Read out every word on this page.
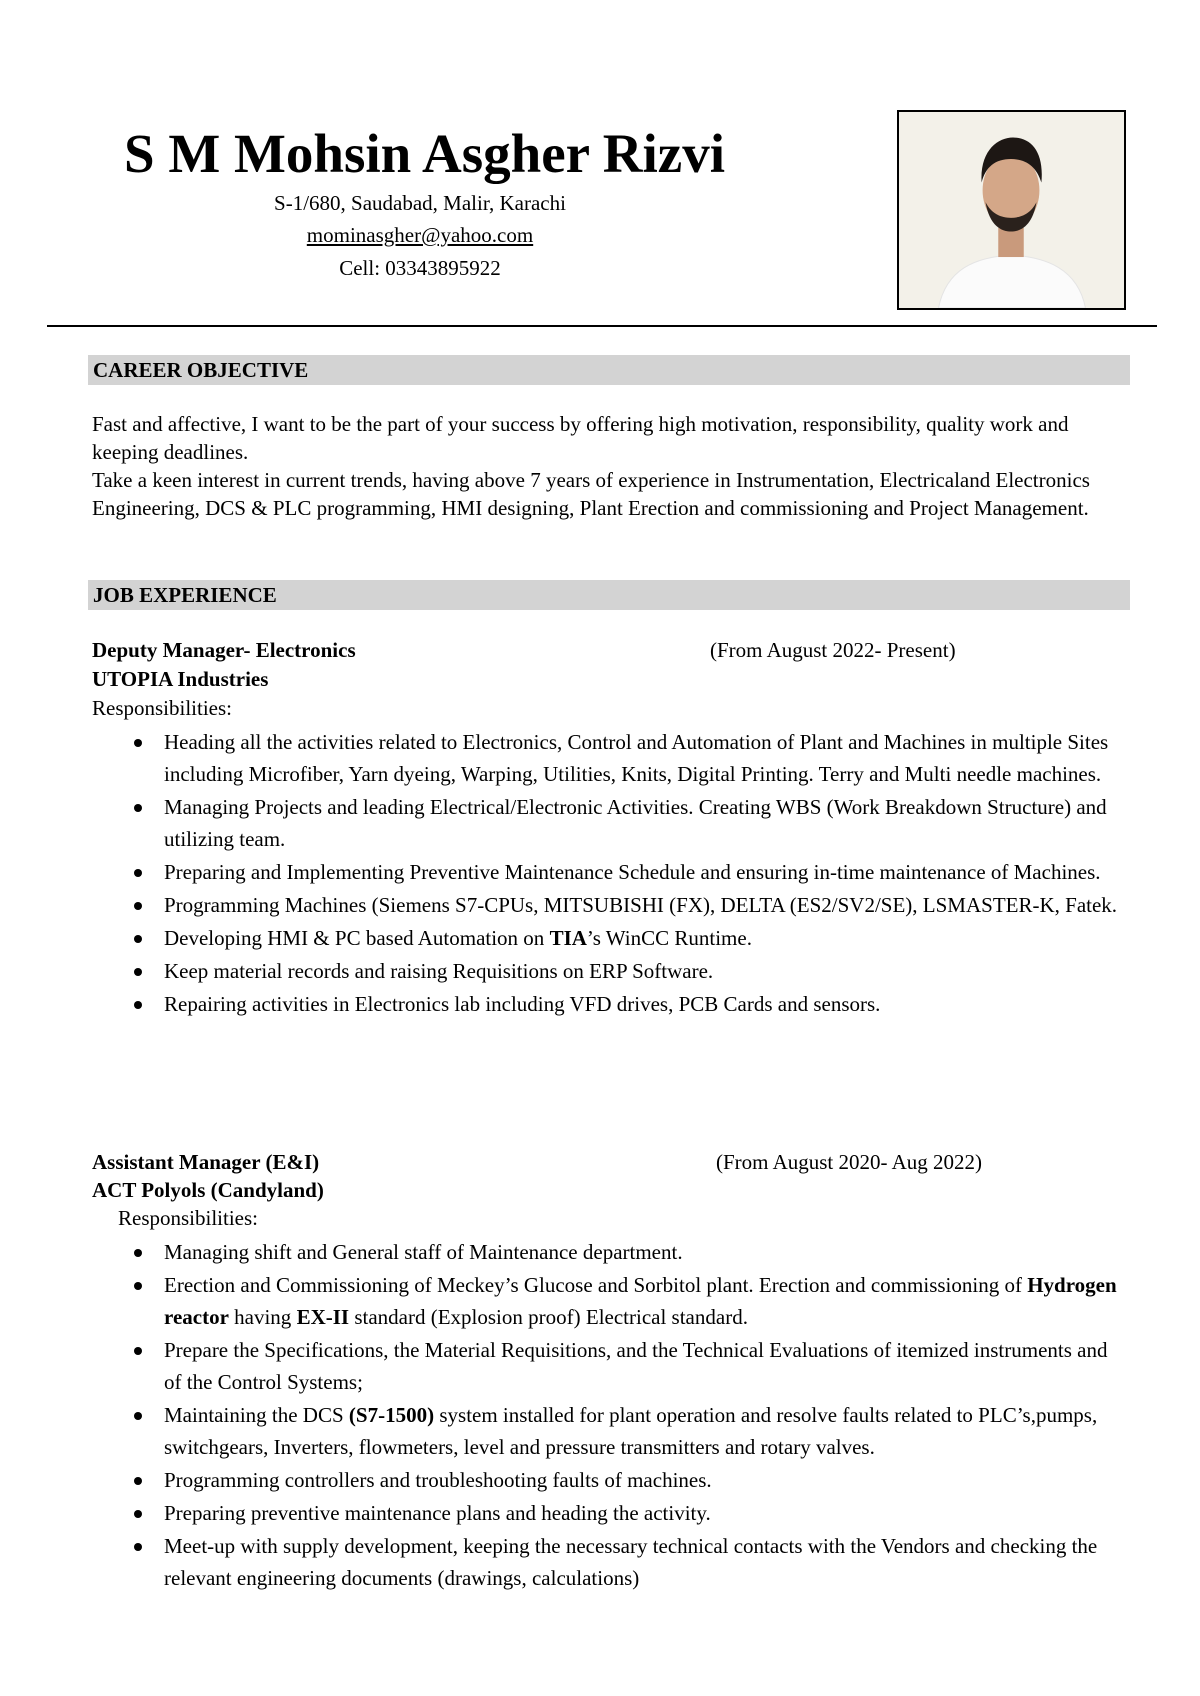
S M Mohsin Asgher Rizvi
S-1/680, Saudabad, Malir, Karachi
mominasgher@yahoo.com
Cell: 03343895922
CAREER OBJECTIVE

Fast and affective, I want to be the part of your success by offering high motivation, responsibility, quality work and keeping deadlines.

Take a keen interest in current trends, having above 7 years of experience in Instrumentation, Electricaland Electronics Engineering, DCS & PLC programming, HMI designing, Plant Erection and commissioning and Project Management.

JOB EXPERIENCE
Deputy Manager- Electronics	(From August 2022- Present)
UTOPIA Industries
Responsibilities:
Heading all the activities related to Electronics, Control and Automation of Plant and Machines in multiple Sites including Microfiber, Yarn dyeing, Warping, Utilities, Knits, Digital Printing. Terry and Multi needle machines.
Managing Projects and leading Electrical/Electronic Activities. Creating WBS (Work Breakdown Structure) and utilizing team.
Preparing and Implementing Preventive Maintenance Schedule and ensuring in-time maintenance of Machines.
Programming Machines (Siemens S7-CPUs, MITSUBISHI (FX), DELTA (ES2/SV2/SE), LSMASTER-K, Fatek.
Developing HMI & PC based Automation on TIA’s WinCC Runtime.
Keep material records and raising Requisitions on ERP Software.
Repairing activities in Electronics lab including VFD drives, PCB Cards and sensors.
Assistant Manager (E&I)	(From August 2020- Aug 2022)
ACT Polyols (Candyland)
Responsibilities:
Managing shift and General staff of Maintenance department.
Erection and Commissioning of Meckey’s Glucose and Sorbitol plant. Erection and commissioning of Hydrogen reactor having EX-II standard (Explosion proof) Electrical standard.
Prepare the Specifications, the Material Requisitions, and the Technical Evaluations of itemized instruments and of the Control Systems;
Maintaining the DCS (S7-1500) system installed for plant operation and resolve faults related to PLC’s,pumps, switchgears, Inverters, flowmeters, level and pressure transmitters and rotary valves.
Programming controllers and troubleshooting faults of machines.
Preparing preventive maintenance plans and heading the activity.
Meet-up with supply development, keeping the necessary technical contacts with the Vendors and checking the relevant engineering documents (drawings, calculations)
